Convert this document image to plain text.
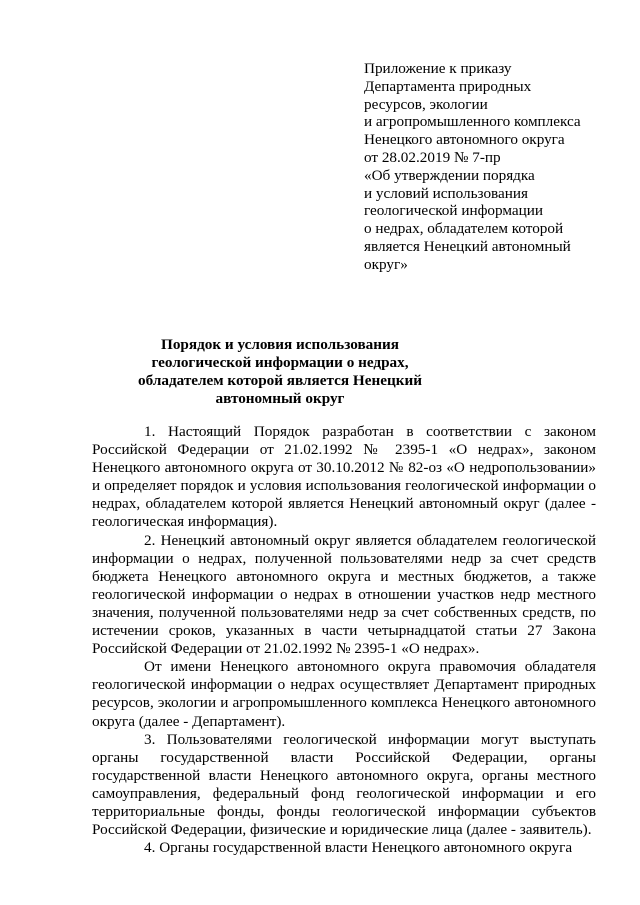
Приложение к приказу
Департамента природных
ресурсов, экологии
и агропромышленного комплекса
Ненецкого автономного округа
от 28.02.2019 № 7-пр
«Об утверждении порядка
и условий использования
геологической информации
о недрах, обладателем которой
является Ненецкий автономный
округ»
Порядок и условия использования
геологической информации о недрах,
обладателем которой является Ненецкий
автономный округ

1. Настоящий Порядок разработан в соответствии с законом Российской Федерации от 21.02.1992 № 2395-1 «О недрах», законом Ненецкого автономного округа от 30.10.2012 № 82-оз «О недропользовании» и определяет порядок и условия использования геологической информации о недрах, обладателем которой является Ненецкий автономный округ (далее - геологическая информация).

2. Ненецкий автономный округ является обладателем геологической информации о недрах, полученной пользователями недр за счет средств бюджета Ненецкого автономного округа и местных бюджетов, а также геологической информации о недрах в отношении участков недр местного значения, полученной пользователями недр за счет собственных средств, по истечении сроков, указанных в части четырнадцатой статьи 27 Закона Российской Федерации от 21.02.1992 № 2395-1 «О недрах».

От имени Ненецкого автономного округа правомочия обладателя геологической информации о недрах осуществляет Департамент природных ресурсов, экологии и агропромышленного комплекса Ненецкого автономного округа (далее - Департамент).

3. Пользователями геологической информации могут выступать органы государственной власти Российской Федерации, органы государственной власти Ненецкого автономного округа, органы местного самоуправления, федеральный фонд геологической информации и его территориальные фонды, фонды геологической информации субъектов Российской Федерации, физические и юридические лица (далее - заявитель).

4. Органы государственной власти Ненецкого автономного округа
